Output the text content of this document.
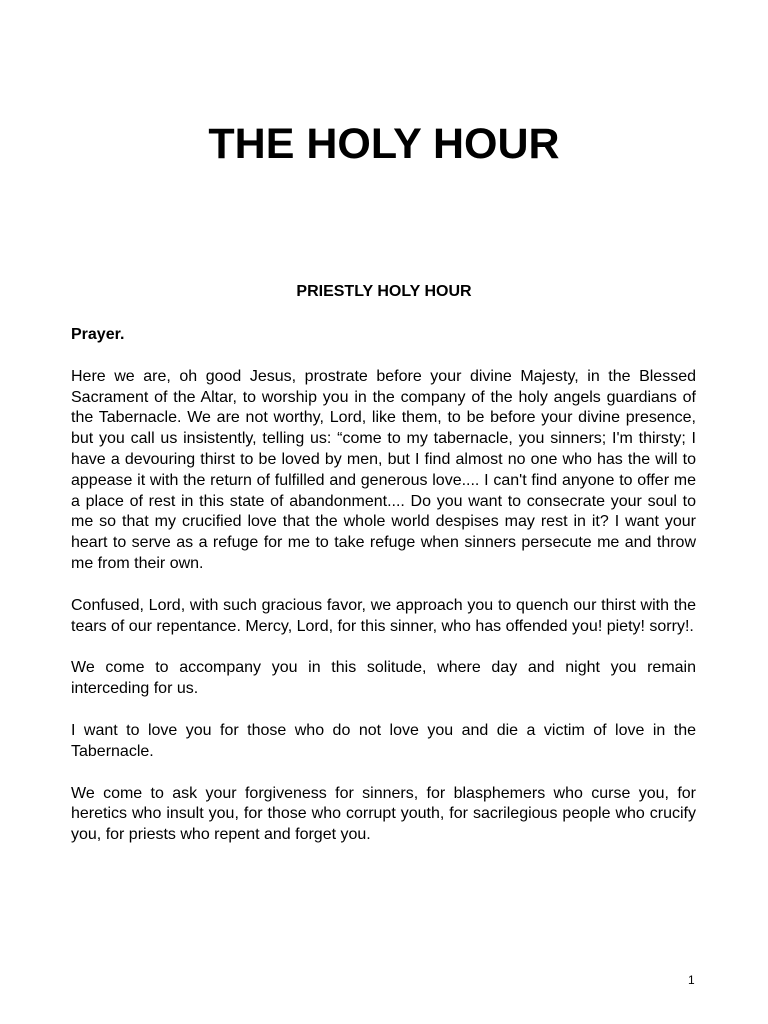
THE HOLY HOUR
PRIESTLY HOLY HOUR

Prayer.

Here we are, oh good Jesus, prostrate before your divine Majesty, in the Blessed Sacrament of the Altar, to worship you in the company of the holy angels guardians of the Tabernacle. We are not worthy, Lord, like them, to be before your divine presence, but you call us insistently, telling us: “come to my tabernacle, you sinners; I'm thirsty; I have a devouring thirst to be loved by men, but I find almost no one who has the will to appease it with the return of fulfilled and generous love.... I can't find anyone to offer me a place of rest in this state of abandonment.... Do you want to consecrate your soul to me so that my crucified love that the whole world despises may rest in it? I want your heart to serve as a refuge for me to take refuge when sinners persecute me and throw me from their own.

Confused, Lord, with such gracious favor, we approach you to quench our thirst with the tears of our repentance. Mercy, Lord, for this sinner, who has offended you! piety! sorry!.

We come to accompany you in this solitude, where day and night you remain interceding for us.

I want to love you for those who do not love you and die a victim of love in the Tabernacle.

We come to ask your forgiveness for sinners, for blasphemers who curse you, for heretics who insult you, for those who corrupt youth, for sacrilegious people who crucify you, for priests who repent and forget you.

1
